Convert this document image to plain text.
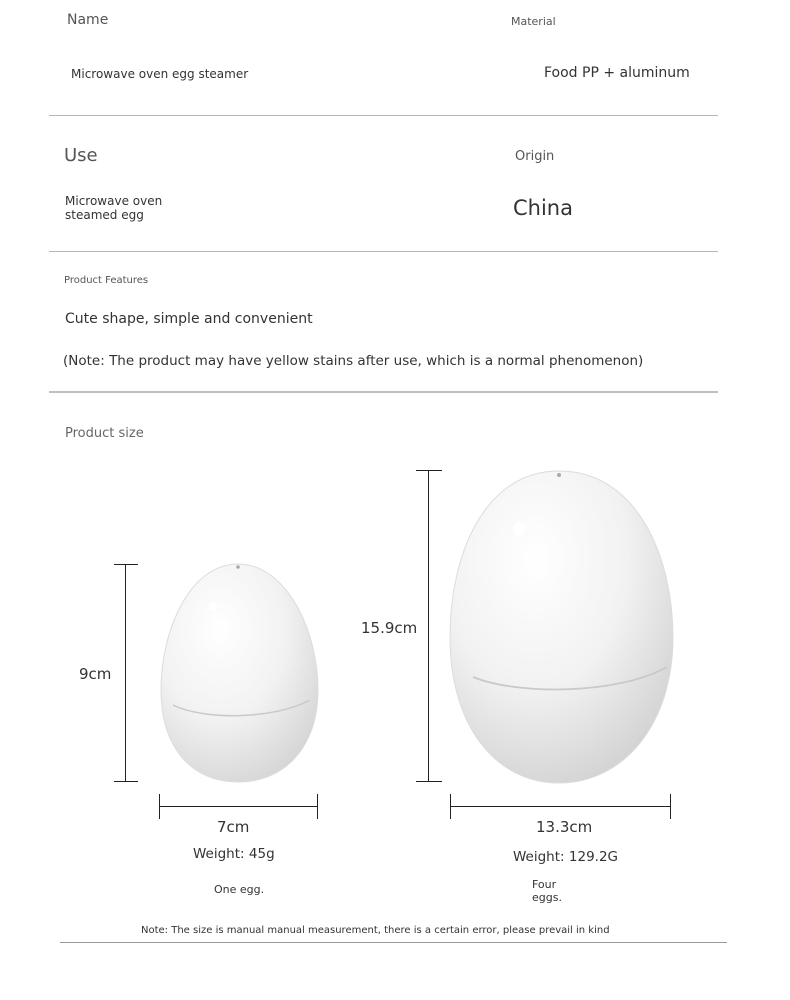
Name	Material
Microwave oven egg steamer	Food PP + aluminum
Use	Origin
Microwave oven
steamed egg	China
Product Features
Cute shape, simple and convenient
(Note: The product may have yellow stains after use, which is a normal phenomenon)
Product size
9cm
7cm
Weight: 45g
One egg.
15.9cm
13.3cm
Weight: 129.2G
Four
eggs.
Note: The size is manual manual measurement, there is a certain error, please prevail in kind
